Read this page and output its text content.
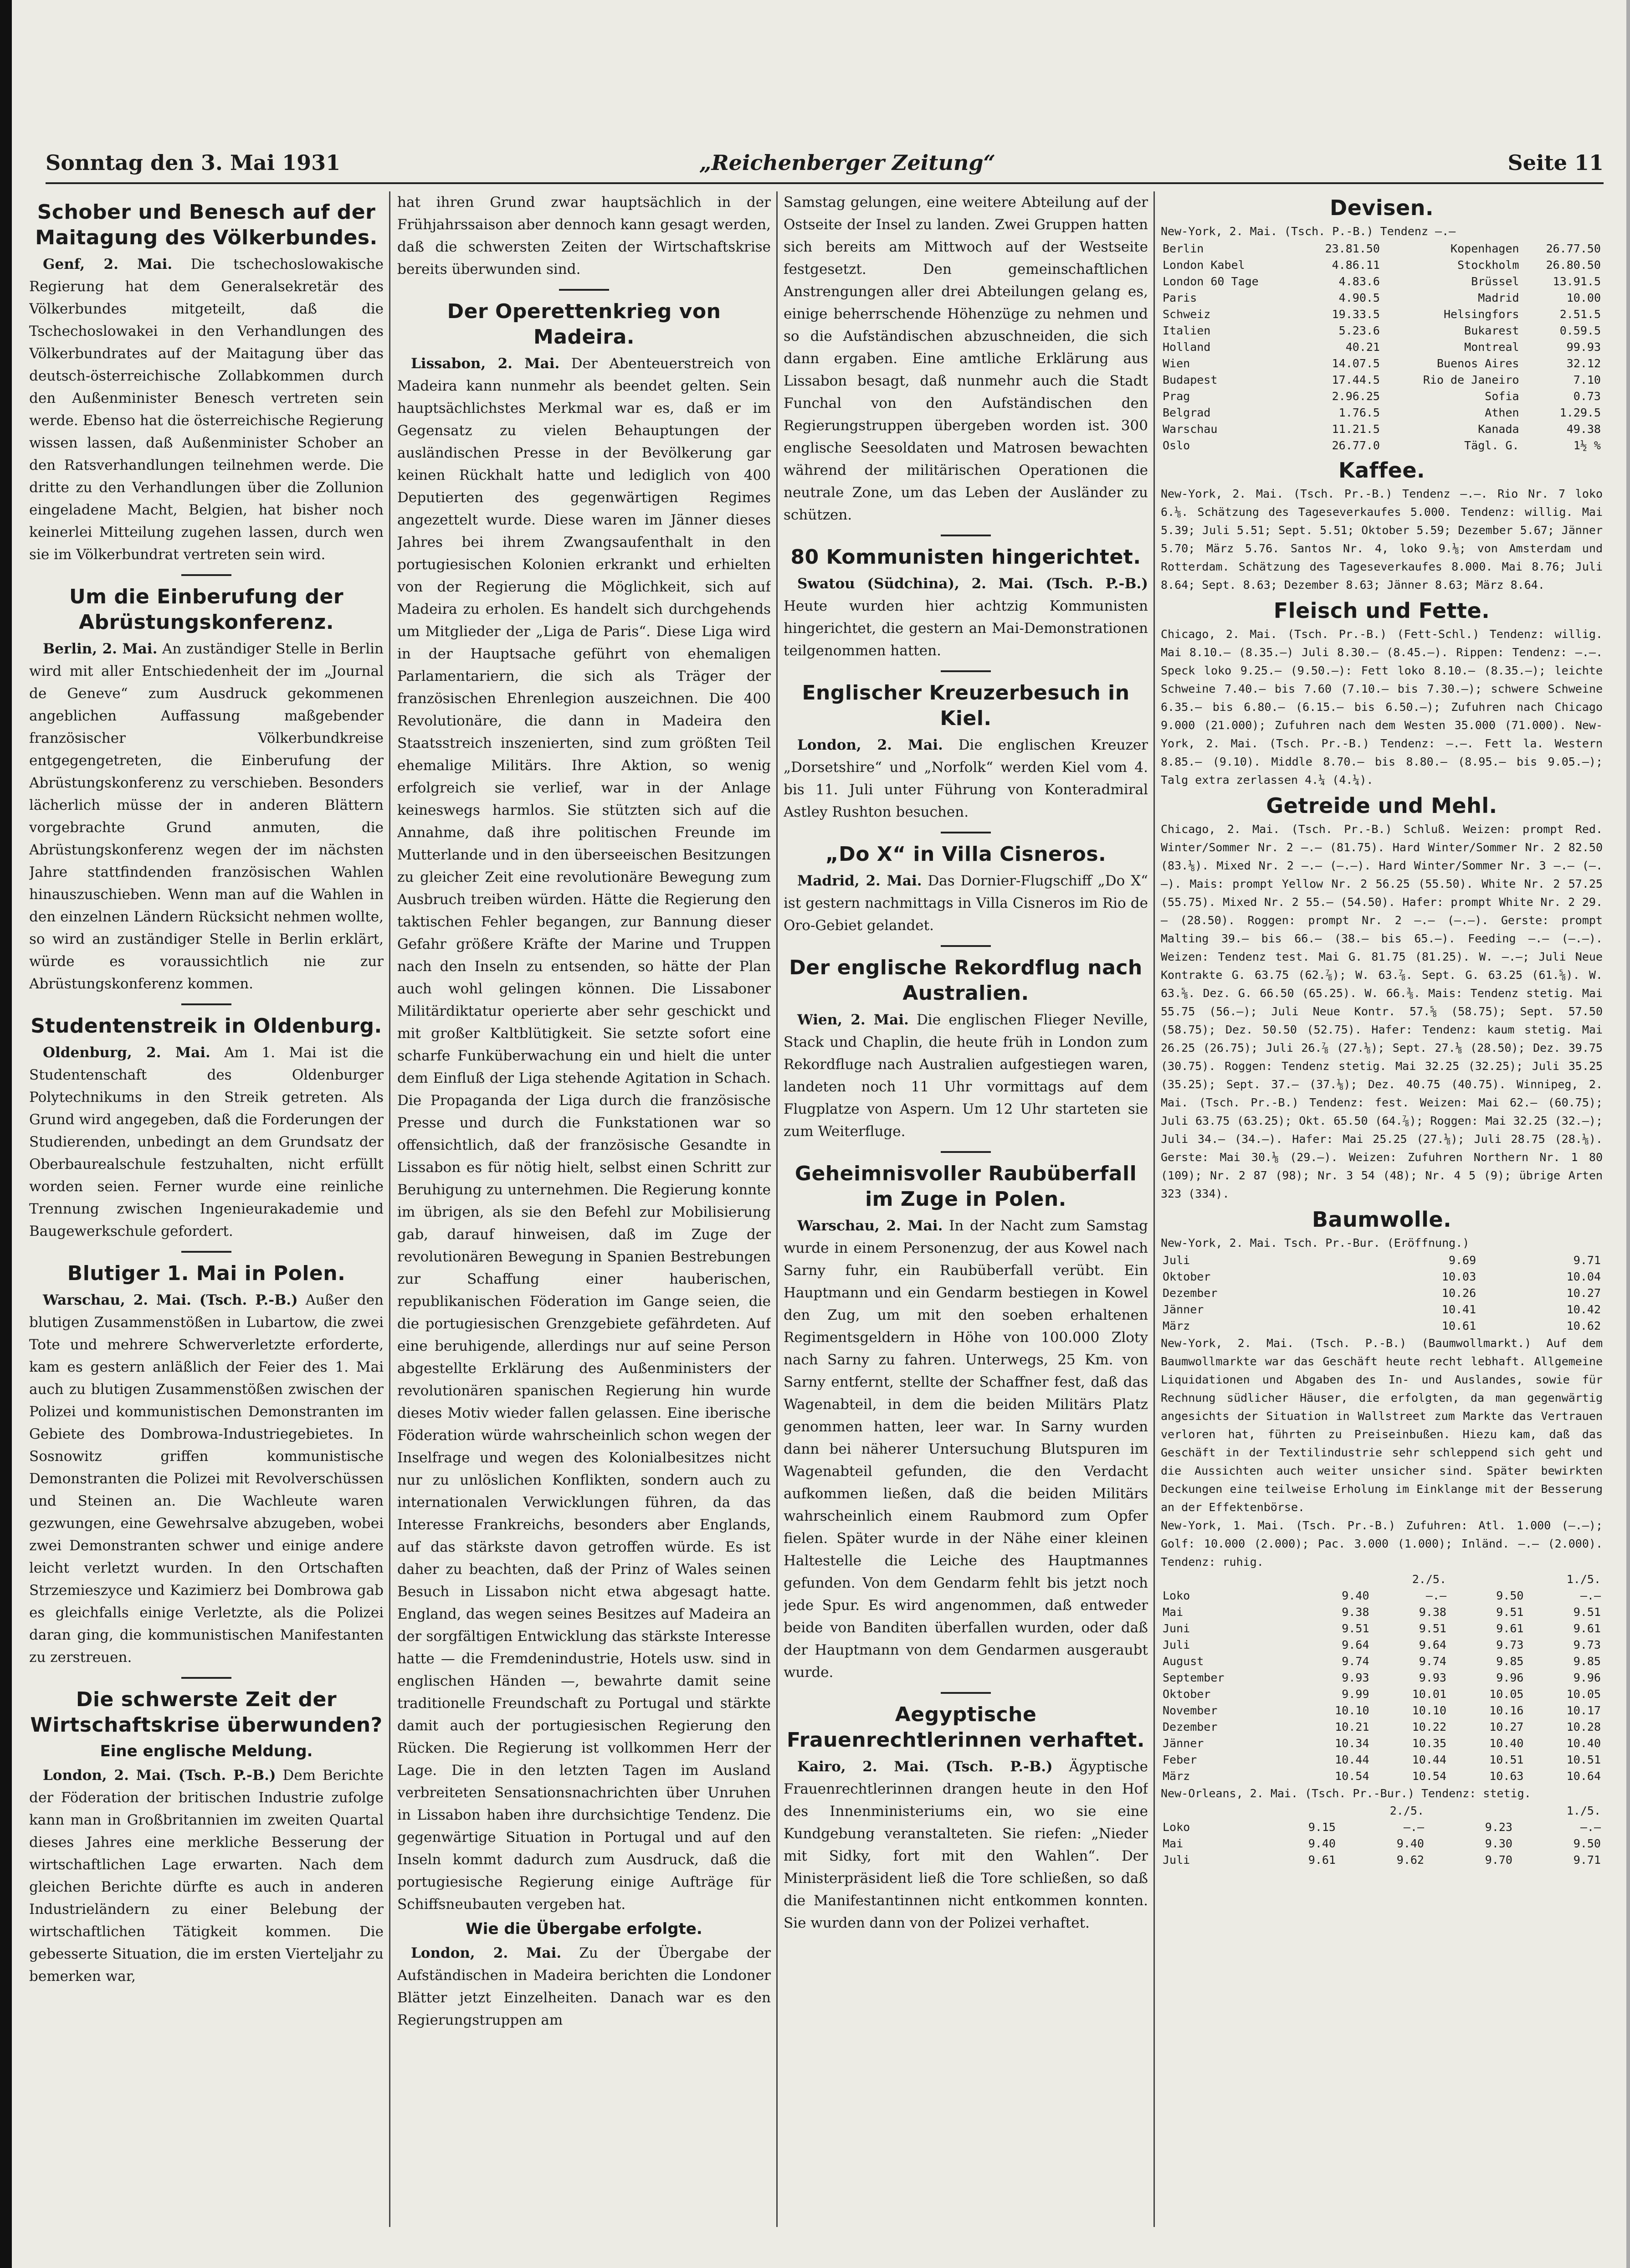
Sonntag den 3. Mai 1931	„Reichenberger Zeitung“	Seite 11
Schober und Benesch auf der Maitagung des Völkerbundes.

Genf, 2. Mai. Die tschechoslowakische Regierung hat dem Generalsekretär des Völkerbundes mitgeteilt, daß die Tschechoslowakei in den Verhandlungen des Völkerbundrates auf der Maitagung über das deutsch-österreichische Zollabkommen durch den Außenminister Benesch vertreten sein werde. Ebenso hat die österreichische Regierung wissen lassen, daß Außenminister Schober an den Ratsverhandlungen teilnehmen werde. Die dritte zu den Verhandlungen über die Zollunion eingeladene Macht, Belgien, hat bisher noch keinerlei Mitteilung zugehen lassen, durch wen sie im Völkerbundrat vertreten sein wird.

Um die Einberufung der Abrüstungskonferenz.

Berlin, 2. Mai. An zuständiger Stelle in Berlin wird mit aller Entschiedenheit der im „Journal de Geneve“ zum Ausdruck gekommenen angeblichen Auffassung maßgebender französischer Völkerbundkreise entgegengetreten, die Einberufung der Abrüstungskonferenz zu verschieben. Besonders lächerlich müsse der in anderen Blättern vorgebrachte Grund anmuten, die Abrüstungskonferenz wegen der im nächsten Jahre stattfindenden französischen Wahlen hinauszuschieben. Wenn man auf die Wahlen in den einzelnen Ländern Rücksicht nehmen wollte, so wird an zuständiger Stelle in Berlin erklärt, würde es voraussichtlich nie zur Abrüstungskonferenz kommen.

Studentenstreik in Oldenburg.

Oldenburg, 2. Mai. Am 1. Mai ist die Studentenschaft des Oldenburger Polytechnikums in den Streik getreten. Als Grund wird angegeben, daß die Forderungen der Studierenden, unbedingt an dem Grundsatz der Oberbaurealschule festzuhalten, nicht erfüllt worden seien. Ferner wurde eine reinliche Trennung zwischen Ingenieurakademie und Baugewerkschule gefordert.

Blutiger 1. Mai in Polen.

Warschau, 2. Mai. (Tsch. P.-B.) Außer den blutigen Zusammenstößen in Lubartow, die zwei Tote und mehrere Schwerverletzte erforderte, kam es gestern anläßlich der Feier des 1. Mai auch zu blutigen Zusammenstößen zwischen der Polizei und kommunistischen Demonstranten im Gebiete des Dombrowa-Industriegebietes. In Sosnowitz griffen kommunistische Demonstranten die Polizei mit Revolverschüssen und Steinen an. Die Wachleute waren gezwungen, eine Gewehrsalve abzugeben, wobei zwei Demonstranten schwer und einige andere leicht verletzt wurden. In den Ortschaften Strzemieszyce und Kazimierz bei Dombrowa gab es gleichfalls einige Verletzte, als die Polizei daran ging, die kommunistischen Manifestanten zu zerstreuen.

Die schwerste Zeit der Wirtschaftskrise überwunden?
Eine englische Meldung.

London, 2. Mai. (Tsch. P.-B.) Dem Berichte der Föderation der britischen Industrie zufolge kann man in Großbritannien im zweiten Quartal dieses Jahres eine merkliche Besserung der wirtschaftlichen Lage erwarten. Nach dem gleichen Berichte dürfte es auch in anderen Industrieländern zu einer Belebung der wirtschaftlichen Tätigkeit kommen. Die gebesserte Situation, die im ersten Vierteljahr zu bemerken war,

hat ihren Grund zwar hauptsächlich in der Frühjahrssaison aber dennoch kann gesagt werden, daß die schwersten Zeiten der Wirtschaftskrise bereits überwunden sind.

Der Operettenkrieg von Madeira.

Lissabon, 2. Mai. Der Abenteuerstreich von Madeira kann nunmehr als beendet gelten. Sein hauptsächlichstes Merkmal war es, daß er im Gegensatz zu vielen Behauptungen der ausländischen Presse in der Bevölkerung gar keinen Rückhalt hatte und lediglich von 400 Deputierten des gegenwärtigen Regimes angezettelt wurde. Diese waren im Jänner dieses Jahres bei ihrem Zwangsaufenthalt in den portugiesischen Kolonien erkrankt und erhielten von der Regierung die Möglichkeit, sich auf Madeira zu erholen. Es handelt sich durchgehends um Mitglieder der „Liga de Paris“. Diese Liga wird in der Hauptsache geführt von ehemaligen Parlamentariern, die sich als Träger der französischen Ehrenlegion auszeichnen. Die 400 Revolutionäre, die dann in Madeira den Staatsstreich inszenierten, sind zum größten Teil ehemalige Militärs. Ihre Aktion, so wenig erfolgreich sie verlief, war in der Anlage keineswegs harmlos. Sie stützten sich auf die Annahme, daß ihre politischen Freunde im Mutterlande und in den überseeischen Besitzungen zu gleicher Zeit eine revolutionäre Bewegung zum Ausbruch treiben würden. Hätte die Regierung den taktischen Fehler begangen, zur Bannung dieser Gefahr größere Kräfte der Marine und Truppen nach den Inseln zu entsenden, so hätte der Plan auch wohl gelingen können. Die Lissaboner Militärdiktatur operierte aber sehr geschickt und mit großer Kaltblütigkeit. Sie setzte sofort eine scharfe Funküberwachung ein und hielt die unter dem Einfluß der Liga stehende Agitation in Schach. Die Propaganda der Liga durch die französische Presse und durch die Funkstationen war so offensichtlich, daß der französische Gesandte in Lissabon es für nötig hielt, selbst einen Schritt zur Beruhigung zu unternehmen. Die Regierung konnte im übrigen, als sie den Befehl zur Mobilisierung gab, darauf hinweisen, daß im Zuge der revolutionären Bewegung in Spanien Bestrebungen zur Schaffung einer hauberischen, republikanischen Föderation im Gange seien, die die portugiesischen Grenzgebiete gefährdeten. Auf eine beruhigende, allerdings nur auf seine Person abgestellte Erklärung des Außenministers der revolutionären spanischen Regierung hin wurde dieses Motiv wieder fallen gelassen. Eine iberische Föderation würde wahrscheinlich schon wegen der Inselfrage und wegen des Kolonialbesitzes nicht nur zu unlöslichen Konflikten, sondern auch zu internationalen Verwicklungen führen, da das Interesse Frankreichs, besonders aber Englands, auf das stärkste davon getroffen würde. Es ist daher zu beachten, daß der Prinz of Wales seinen Besuch in Lissabon nicht etwa abgesagt hatte. England, das wegen seines Besitzes auf Madeira an der sorgfältigen Entwicklung das stärkste Interesse hatte — die Fremdenindustrie, Hotels usw. sind in englischen Händen —, bewahrte damit seine traditionelle Freundschaft zu Portugal und stärkte damit auch der portugiesischen Regierung den Rücken. Die Regierung ist vollkommen Herr der Lage. Die in den letzten Tagen im Ausland verbreiteten Sensationsnachrichten über Unruhen in Lissabon haben ihre durchsichtige Tendenz. Die gegenwärtige Situation in Portugal und auf den Inseln kommt dadurch zum Ausdruck, daß die portugiesische Regierung einige Aufträge für Schiffsneubauten vergeben hat.

Wie die Übergabe erfolgte.

London, 2. Mai. Zu der Übergabe der Aufständischen in Madeira berichten die Londoner Blätter jetzt Einzelheiten. Danach war es den Regierungstruppen am

Samstag gelungen, eine weitere Abteilung auf der Ostseite der Insel zu landen. Zwei Gruppen hatten sich bereits am Mittwoch auf der Westseite festgesetzt. Den gemeinschaftlichen Anstrengungen aller drei Abteilungen gelang es, einige beherrschende Höhenzüge zu nehmen und so die Aufständischen abzuschneiden, die sich dann ergaben. Eine amtliche Erklärung aus Lissabon besagt, daß nunmehr auch die Stadt Funchal von den Aufständischen den Regierungstruppen übergeben worden ist. 300 englische Seesoldaten und Matrosen bewachten während der militärischen Operationen die neutrale Zone, um das Leben der Ausländer zu schützen.

80 Kommunisten hingerichtet.

Swatou (Südchina), 2. Mai. (Tsch. P.-B.) Heute wurden hier achtzig Kommunisten hingerichtet, die gestern an Mai-Demonstrationen teilgenommen hatten.

Englischer Kreuzerbesuch in Kiel.

London, 2. Mai. Die englischen Kreuzer „Dorsetshire“ und „Norfolk“ werden Kiel vom 4. bis 11. Juli unter Führung von Konteradmiral Astley Rushton besuchen.

„Do X“ in Villa Cisneros.

Madrid, 2. Mai. Das Dornier-Flugschiff „Do X“ ist gestern nachmittags in Villa Cisneros im Rio de Oro-Gebiet gelandet.

Der englische Rekordflug nach Australien.

Wien, 2. Mai. Die englischen Flieger Neville, Stack und Chaplin, die heute früh in London zum Rekordfluge nach Australien aufgestiegen waren, landeten noch 11 Uhr vormittags auf dem Flugplatze von Aspern. Um 12 Uhr starteten sie zum Weiterfluge.

Geheimnisvoller Raubüberfall im Zuge in Polen.

Warschau, 2. Mai. In der Nacht zum Samstag wurde in einem Personenzug, der aus Kowel nach Sarny fuhr, ein Raubüberfall verübt. Ein Hauptmann und ein Gendarm bestiegen in Kowel den Zug, um mit den soeben erhaltenen Regimentsgeldern in Höhe von 100.000 Zloty nach Sarny zu fahren. Unterwegs, 25 Km. von Sarny entfernt, stellte der Schaffner fest, daß das Wagenabteil, in dem die beiden Militärs Platz genommen hatten, leer war. In Sarny wurden dann bei näherer Untersuchung Blutspuren im Wagenabteil gefunden, die den Verdacht aufkommen ließen, daß die beiden Militärs wahrscheinlich einem Raubmord zum Opfer fielen. Später wurde in der Nähe einer kleinen Haltestelle die Leiche des Hauptmannes gefunden. Von dem Gendarm fehlt bis jetzt noch jede Spur. Es wird angenommen, daß entweder beide von Banditen überfallen wurden, oder daß der Hauptmann von dem Gendarmen ausgeraubt wurde.

Aegyptische Frauenrechtlerinnen verhaftet.

Kairo, 2. Mai. (Tsch. P.-B.) Ägyptische Frauenrechtlerinnen drangen heute in den Hof des Innenministeriums ein, wo sie eine Kundgebung veranstalteten. Sie riefen: „Nieder mit Sidky, fort mit den Wahlen“. Der Ministerpräsident ließ die Tore schließen, so daß die Manifestantinnen nicht entkommen konnten. Sie wurden dann von der Polizei verhaftet.

Devisen.

New-York, 2. Mai. (Tsch. P.-B.) Tendenz —.—

Berlin	23.81.50	Kopenhagen	26.77.50
London Kabel	4.86.11	Stockholm	26.80.50
London 60 Tage	4.83.6	Brüssel	13.91.5
Paris	4.90.5	Madrid	10.00
Schweiz	19.33.5	Helsingfors	2.51.5
Italien	5.23.6	Bukarest	0.59.5
Holland	40.21	Montreal	99.93
Wien	14.07.5	Buenos Aires	32.12
Budapest	17.44.5	Rio de Janeiro	7.10
Prag	2.96.25	Sofia	0.73
Belgrad	1.76.5	Athen	1.29.5
Warschau	11.21.5	Kanada	49.38
Oslo	26.77.0	Tägl. G.	1½ %
Kaffee.

New-York, 2. Mai. (Tsch. Pr.-B.) Tendenz —.—. Rio Nr. 7 loko 6.⅛. Schätzung des Tageseverkaufes 5.000. Tendenz: willig. Mai 5.39; Juli 5.51; Sept. 5.51; Oktober 5.59; Dezember 5.67; Jänner 5.70; März 5.76. Santos Nr. 4, loko 9.⅛; von Amsterdam und Rotterdam. Schätzung des Tageseverkaufes 8.000. Mai 8.76; Juli 8.64; Sept. 8.63; Dezember 8.63; Jänner 8.63; März 8.64.

Fleisch und Fette.

Chicago, 2. Mai. (Tsch. Pr.-B.) (Fett-Schl.) Tendenz: willig. Mai 8.10.— (8.35.—) Juli 8.30.— (8.45.—). Rippen: Tendenz: —.—. Speck loko 9.25.— (9.50.—): Fett loko 8.10.— (8.35.—); leichte Schweine 7.40.— bis 7.60 (7.10.— bis 7.30.—); schwere Schweine 6.35.— bis 6.80.— (6.15.— bis 6.50.—); Zufuhren nach Chicago 9.000 (21.000); Zufuhren nach dem Westen 35.000 (71.000). New-York, 2. Mai. (Tsch. Pr.-B.) Tendenz: —.—. Fett la. Western 8.85.— (9.10). Middle 8.70.— bis 8.80.— (8.95.— bis 9.05.—); Talg extra zerlassen 4.¼ (4.¼).

Getreide und Mehl.

Chicago, 2. Mai. (Tsch. Pr.-B.) Schluß. Weizen: prompt Red. Winter/Sommer Nr. 2 —.— (81.75). Hard Winter/Sommer Nr. 2 82.50 (83.⅛). Mixed Nr. 2 —.— (—.—). Hard Winter/Sommer Nr. 3 —.— (—.—). Mais: prompt Yellow Nr. 2 56.25 (55.50). White Nr. 2 57.25 (55.75). Mixed Nr. 2 55.— (54.50). Hafer: prompt White Nr. 2 29.— (28.50). Roggen: prompt Nr. 2 —.— (—.—). Gerste: prompt Malting 39.— bis 66.— (38.— bis 65.—). Feeding —.— (—.—). Weizen: Tendenz test. Mai G. 81.75 (81.25). W. —.—; Juli Neue Kontrakte G. 63.75 (62.⅞); W. 63.⅞. Sept. G. 63.25 (61.⅝). W. 63.⅝. Dez. G. 66.50 (65.25). W. 66.⅜. Mais: Tendenz stetig. Mai 55.75 (56.—); Juli Neue Kontr. 57.⅝ (58.75); Sept. 57.50 (58.75); Dez. 50.50 (52.75). Hafer: Tendenz: kaum stetig. Mai 26.25 (26.75); Juli 26.⅞ (27.⅛); Sept. 27.⅛ (28.50); Dez. 39.75 (30.75). Roggen: Tendenz stetig. Mai 32.25 (32.25); Juli 35.25 (35.25); Sept. 37.— (37.⅛); Dez. 40.75 (40.75). Winnipeg, 2. Mai. (Tsch. Pr.-B.) Tendenz: fest. Weizen: Mai 62.— (60.75); Juli 63.75 (63.25); Okt. 65.50 (64.⅞); Roggen: Mai 32.25 (32.—); Juli 34.— (34.—). Hafer: Mai 25.25 (27.⅛); Juli 28.75 (28.⅛). Gerste: Mai 30.⅛ (29.—). Weizen: Zufuhren Northern Nr. 1 80 (109); Nr. 2 87 (98); Nr. 3 54 (48); Nr. 4 5 (9); übrige Arten 323 (334).

Baumwolle.

New-York, 2. Mai. Tsch. Pr.-Bur. (Eröffnung.)

Juli	9.69	9.71
Oktober	10.03	10.04
Dezember	10.26	10.27
Jänner	10.41	10.42
März	10.61	10.62

New-York, 2. Mai. (Tsch. P.-B.) (Baumwollmarkt.) Auf dem Baumwollmarkte war das Geschäft heute recht lebhaft. Allgemeine Liquidationen und Abgaben des In- und Auslandes, sowie für Rechnung südlicher Häuser, die erfolgten, da man gegenwärtig angesichts der Situation in Wallstreet zum Markte das Vertrauen verloren hat, führten zu Preiseinbußen. Hiezu kam, daß das Geschäft in der Textilindustrie sehr schleppend sich geht und die Aussichten auch weiter unsicher sind. Später bewirkten Deckungen eine teilweise Erholung im Einklange mit der Besserung an der Effektenbörse.

New-York, 1. Mai. (Tsch. Pr.-B.) Zufuhren: Atl. 1.000 (—.—); Golf: 10.000 (2.000); Pac. 3.000 (1.000); Inländ. —.— (2.000). Tendenz: ruhig.

	2./5.		1./5.	
Loko	9.40	—.—	9.50	—.—
Mai	9.38	9.38	9.51	9.51
Juni	9.51	9.51	9.61	9.61
Juli	9.64	9.64	9.73	9.73
August	9.74	9.74	9.85	9.85
September	9.93	9.93	9.96	9.96
Oktober	9.99	10.01	10.05	10.05
November	10.10	10.10	10.16	10.17
Dezember	10.21	10.22	10.27	10.28
Jänner	10.34	10.35	10.40	10.40
Feber	10.44	10.44	10.51	10.51
März	10.54	10.54	10.63	10.64

New-Orleans, 2. Mai. (Tsch. Pr.-Bur.) Tendenz: stetig.

	2./5.		1./5.	
Loko	9.15	—.—	9.23	—.—
Mai	9.40	9.40	9.30	9.50
Juli	9.61	9.62	9.70	9.71
